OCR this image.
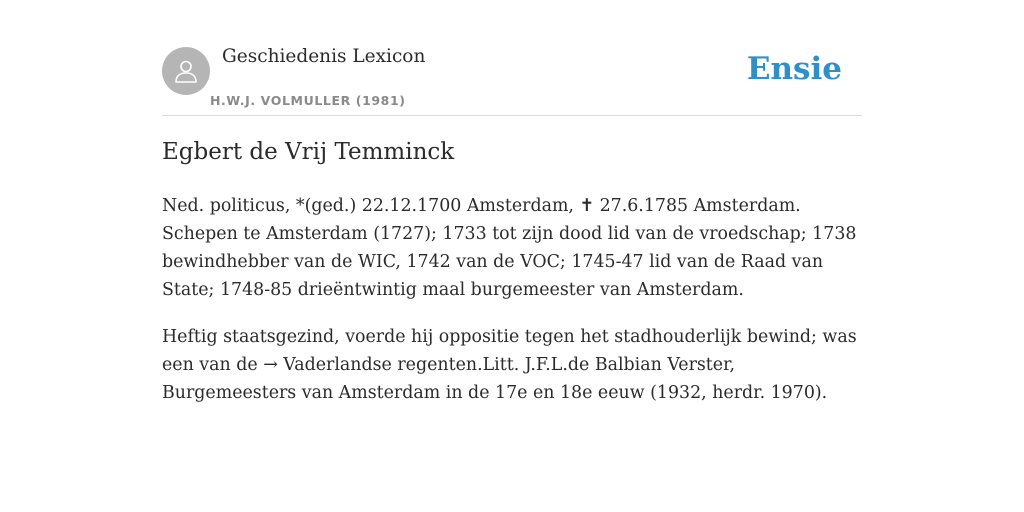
Geschiedenis Lexicon
H.W.J. VOLMULLER (1981)
Ensie
Egbert de Vrij Temminck

Ned. politicus, *(ged.) 22.12.1700 Amsterdam, ✝ 27.6.1785 Amsterdam. Schepen te Amsterdam (1727); 1733 tot zijn dood lid van de vroedschap; 1738 bewindhebber van de WIC, 1742 van de VOC; 1745-47 lid van de Raad van State; 1748-85 drieëntwintig maal burgemeester van Amsterdam.

Heftig staatsgezind, voerde hij oppositie tegen het stadhouderlijk bewind; was een van de → Vaderlandse regenten.Litt. J.F.L.de Balbian Verster, Burgemeesters van Amsterdam in de 17e en 18e eeuw (1932, herdr. 1970).
